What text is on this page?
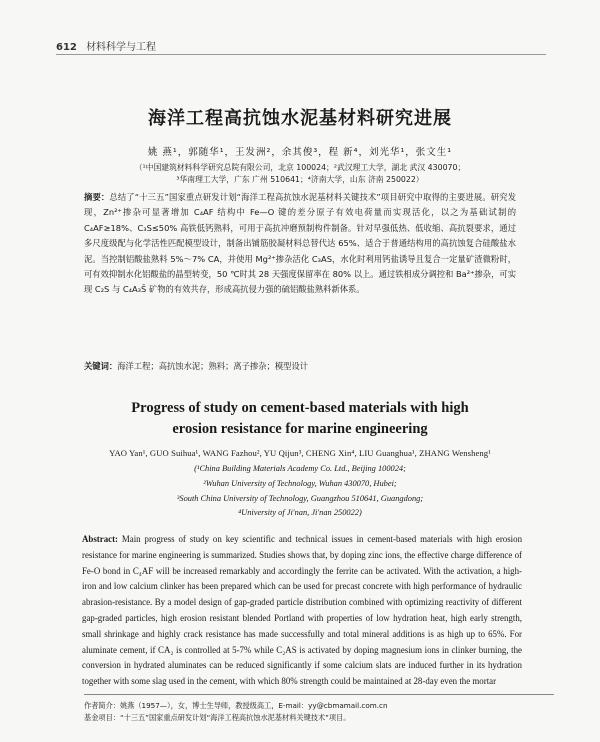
612 材料科学与工程
海洋工程高抗蚀水泥基材料研究进展
姚 燕¹，郭随华¹，王发洲²，余其俊³，程 新⁴，刘光华¹，张文生¹
（¹中国建筑材料科学研究总院有限公司，北京 100024；²武汉理工大学，湖北 武汉 430070；
³华南理工大学，广东 广州 510641；⁴济南大学，山东 济南 250022）
摘要：总结了“十三五”国家重点研发计划“海洋工程高抗蚀水泥基材料关键技术”项目研究中取得的主要进展。研究发现，Zn²⁺掺杂可显著增加 C₄AF 结构中 Fe—O 键的差分原子有效电荷量而实现活化，以之为基础试制的 C₄AF≥18%、C₃S≤50% 高铁低钙熟料，可用于高抗冲磨预制构件制备。针对早强低热、低收缩、高抗裂要求，通过多尺度级配与化学活性匹配模型设计，制备出铺筋胶凝材料总替代达 65%、适合于普通结构用的高抗蚀复合硅酸盐水泥。当控制铝酸盐熟料 5%～7% CA，并使用 Mg²⁺掺杂活化 C₃AS，水化时利用钙盐诱导且复合一定量矿渣微粉时，可有效抑制水化铝酸盐的晶型转变，50 ℃时其 28 天强度保留率在 80% 以上。通过铁相成分调控和 Ba²⁺掺杂，可实现 C₂S 与 C₄A₃S̄ 矿物的有效共存，形成高抗侵力强的硫铝酸盐熟料新体系。
关键词：海洋工程；高抗蚀水泥；熟料；离子掺杂；模型设计
Progress of study on cement-based materials with high
erosion resistance for marine engineering
YAO Yan¹, GUO Suihua¹, WANG Fazhou², YU Qijun³, CHENG Xin⁴, LIU Guanghua¹, ZHANG Wensheng¹
(¹China Building Materials Academy Co. Ltd., Beijing 100024;
²Wuhan University of Technology, Wuhan 430070, Hubei;
³South China University of Technology, Guangzhou 510641, Guangdong;
⁴University of Ji'nan, Ji'nan 250022)
Abstract: Main progress of study on key scientific and technical issues in cement-based materials with high erosion resistance for marine engineering is summarized. Studies shows that, by doping zinc ions, the effective charge difference of Fe-O bond in C₄AF will be increased remarkably and accordingly the ferrite can be activated. With the activation, a high-iron and low calcium clinker has been prepared which can be used for precast concrete with high performance of hydraulic abrasion-resistance. By a model design of gap-graded particle distribution combined with optimizing reactivity of different gap-graded particles, high erosion resistant blended Portland with properties of low hydration heat, high early strength, small shrinkage and highly crack resistance has made successfully and total mineral additions is as high up to 65%. For aluminate cement, if CA₂ is controlled at 5-7% while C₂AS is activated by doping magnesium ions in clinker burning, the conversion in hydrated aluminates can be reduced significantly if some calcium slats are induced further in its hydration together with some slag used in the cement, with which 80% strength could be maintained at 28-day even the mortar
作者简介：姚燕（1957—），女，博士生导师，教授级高工，E-mail：yy@cbmamail.com.cn
基金项目：“十三五”国家重点研发计划“海洋工程高抗蚀水泥基材料关键技术”项目。
